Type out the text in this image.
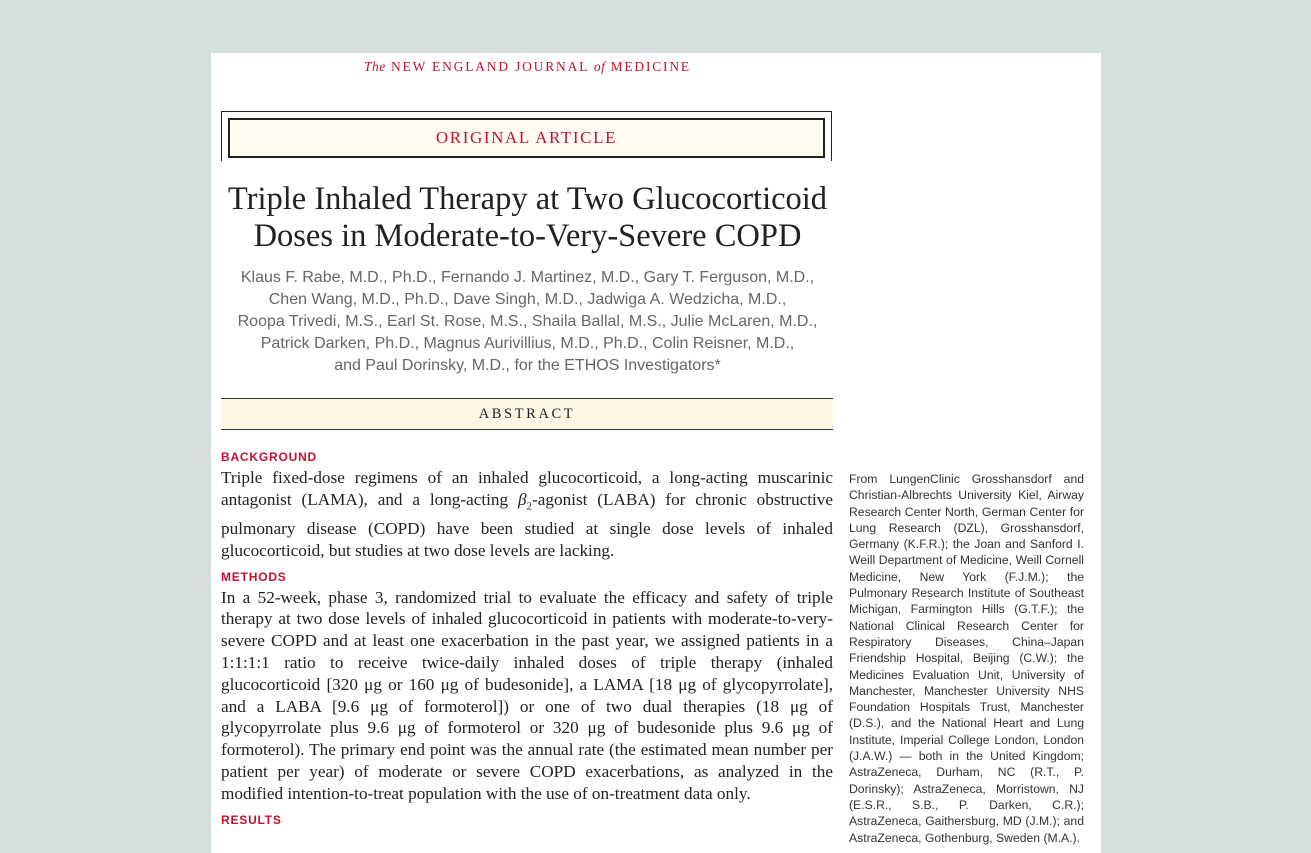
The NEW ENGLAND JOURNAL of MEDICINE
ORIGINAL ARTICLE
Triple Inhaled Therapy at Two Glucocorticoid
Doses in Moderate-to-Very-Severe COPD
Klaus F. Rabe, M.D., Ph.D., Fernando J. Martinez, M.D., Gary T. Ferguson, M.D.,
Chen Wang, M.D., Ph.D., Dave Singh, M.D., Jadwiga A. Wedzicha, M.D.,
Roopa Trivedi, M.S., Earl St. Rose, M.S., Shaila Ballal, M.S., Julie McLaren, M.D.,
Patrick Darken, Ph.D., Magnus Aurivillius, M.D., Ph.D., Colin Reisner, M.D.,
and Paul Dorinsky, M.D., for the ETHOS Investigators*
ABSTRACT

BACKGROUND

Triple fixed-dose regimens of an inhaled glucocorticoid, a long-acting muscarinic antagonist (LAMA), and a long-acting $\beta_2$-agonist (LABA) for chronic obstructive pulmonary disease (COPD) have been studied at single dose levels of inhaled glucocorticoid, but studies at two dose levels are lacking.

METHODS

In a 52-week, phase 3, randomized trial to evaluate the efficacy and safety of triple therapy at two dose levels of inhaled glucocorticoid in patients with moderate-to-very-severe COPD and at least one exacerbation in the past year, we assigned patients in a 1:1:1:1 ratio to receive twice-daily inhaled doses of triple therapy (inhaled glucocorticoid [320 μg or 160 μg of budesonide], a LAMA [18 μg of glycopyrrolate], and a LABA [9.6 μg of formoterol]) or one of two dual therapies (18 μg of glycopyrrolate plus 9.6 μg of formoterol or 320 μg of budesonide plus 9.6 μg of formoterol). The primary end point was the annual rate (the estimated mean number per patient per year) of moderate or severe COPD exacerbations, as analyzed in the modified intention-to-treat population with the use of on-treatment data only.

RESULTS

From LungenClinic Grosshansdorf and Christian-Albrechts University Kiel, Airway Research Center North, German Center for Lung Research (DZL), Grosshansdorf, Germany (K.F.R.); the Joan and Sanford I. Weill Department of Medicine, Weill Cornell Medicine, New York (F.J.M.); the Pulmonary Research Institute of Southeast Michigan, Farmington Hills (G.T.F.); the National Clinical Research Center for Respiratory Diseases, China–Japan Friendship Hospital, Beijing (C.W.); the Medicines Evaluation Unit, University of Manchester, Manchester University NHS Foundation Hospitals Trust, Manchester (D.S.), and the National Heart and Lung Institute, Imperial College London, London (J.A.W.) — both in the United Kingdom; AstraZeneca, Durham, NC (R.T., P. Dorinsky); AstraZeneca, Morristown, NJ (E.S.R., S.B., P. Darken, C.R.); AstraZeneca, Gaithersburg, MD (J.M.); and AstraZeneca, Gothenburg, Sweden (M.A.).
